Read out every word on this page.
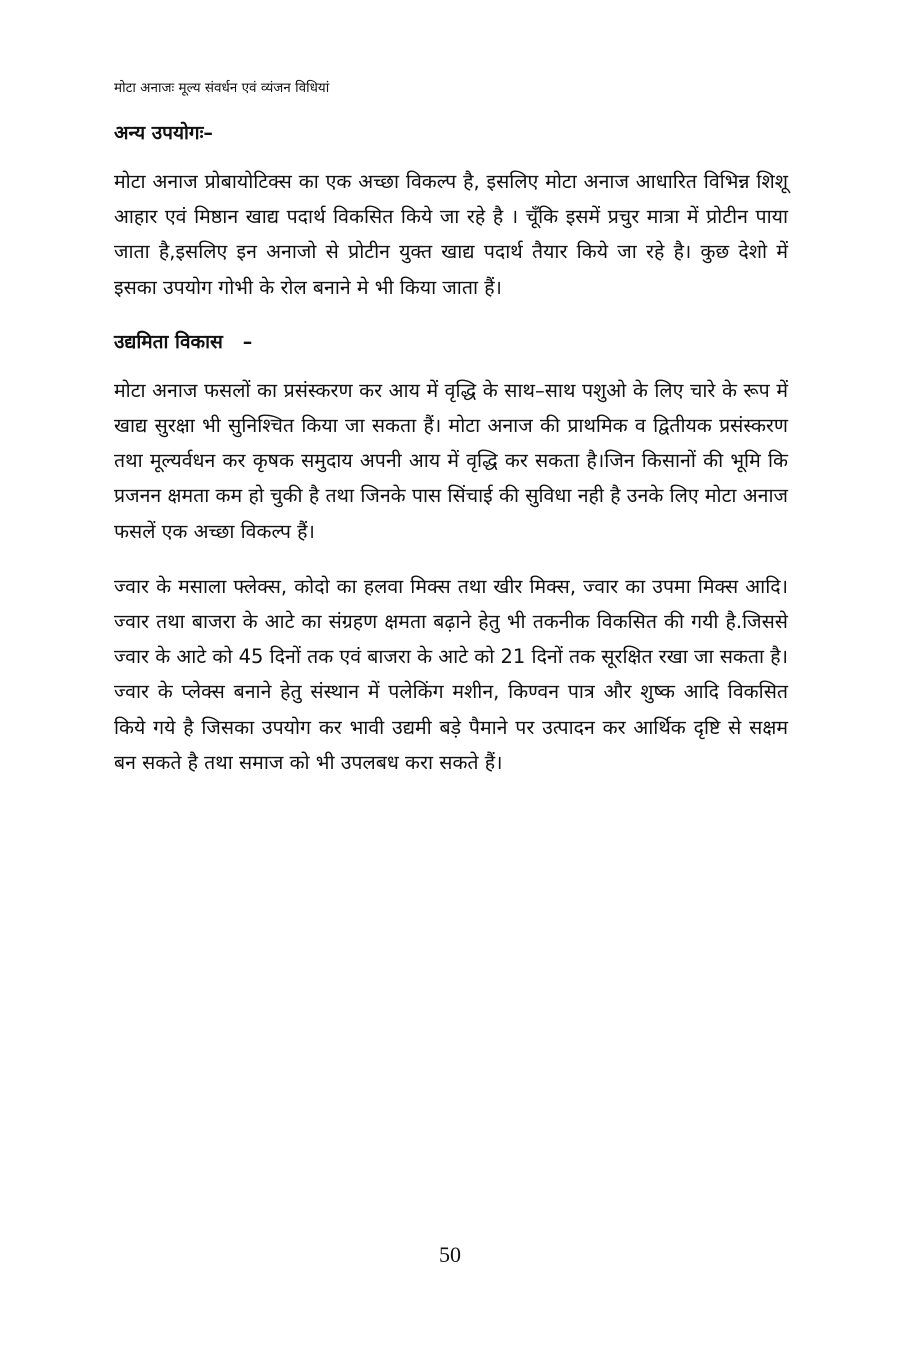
मोटा अनाजः मूल्य संवर्धन एवं व्यंजन विधियां
अन्य उपयोगः–

मोटा अनाज प्रोबायोटिक्स का एक अच्छा विकल्प है, इसलिए मोटा अनाज आधारित विभिन्न शिशू आहार एवं मिष्ठान खाद्य पदार्थ विकसित किये जा रहे है । चूँकि इसमें प्रचुर मात्रा में प्रोटीन पाया जाता है,इसलिए इन अनाजो से प्रोटीन युक्त खाद्य पदार्थ तैयार किये जा रहे है। कुछ देशो में इसका उपयोग गोभी के रोल बनाने मे भी किया जाता हैं।

उद्यमिता विकास   –

मोटा अनाज फसलों का प्रसंस्करण कर आय में वृद्धि के साथ–साथ पशुओ के लिए चारे के रूप में खाद्य सुरक्षा भी सुनिश्चित किया जा सकता हैं। मोटा अनाज की प्राथमिक व द्वितीयक प्रसंस्करण तथा मूल्यर्वधन कर कृषक समुदाय अपनी आय में वृद्धि कर सकता है।जिन किसानों की भूमि कि प्रजनन क्षमता कम हो चुकी है तथा जिनके पास सिंचाई की सुविधा नही है उनके लिए मोटा अनाज फसलें एक अच्छा विकल्प हैं।

ज्वार के मसाला फ्लेक्स, कोदो का हलवा मिक्स तथा खीर मिक्स, ज्वार का उपमा मिक्स आदि। ज्वार तथा बाजरा के आटे का संग्रहण क्षमता बढ़ाने हेतु भी तकनीक विकसित की गयी है.जिससे ज्वार के आटे को 45 दिनों तक एवं बाजरा के आटे को 21 दिनों तक सूरक्षित रखा जा सकता है। ज्वार के प्लेक्स बनाने हेतु संस्थान में पलेकिंग मशीन, किण्वन पात्र और शुष्क आदि विकसित किये गये है जिसका उपयोग कर भावी उद्यमी बड़े पैमाने पर उत्पादन कर आर्थिक दृष्टि से सक्षम बन सकते है तथा समाज को भी उपलबध करा सकते हैं।

50
